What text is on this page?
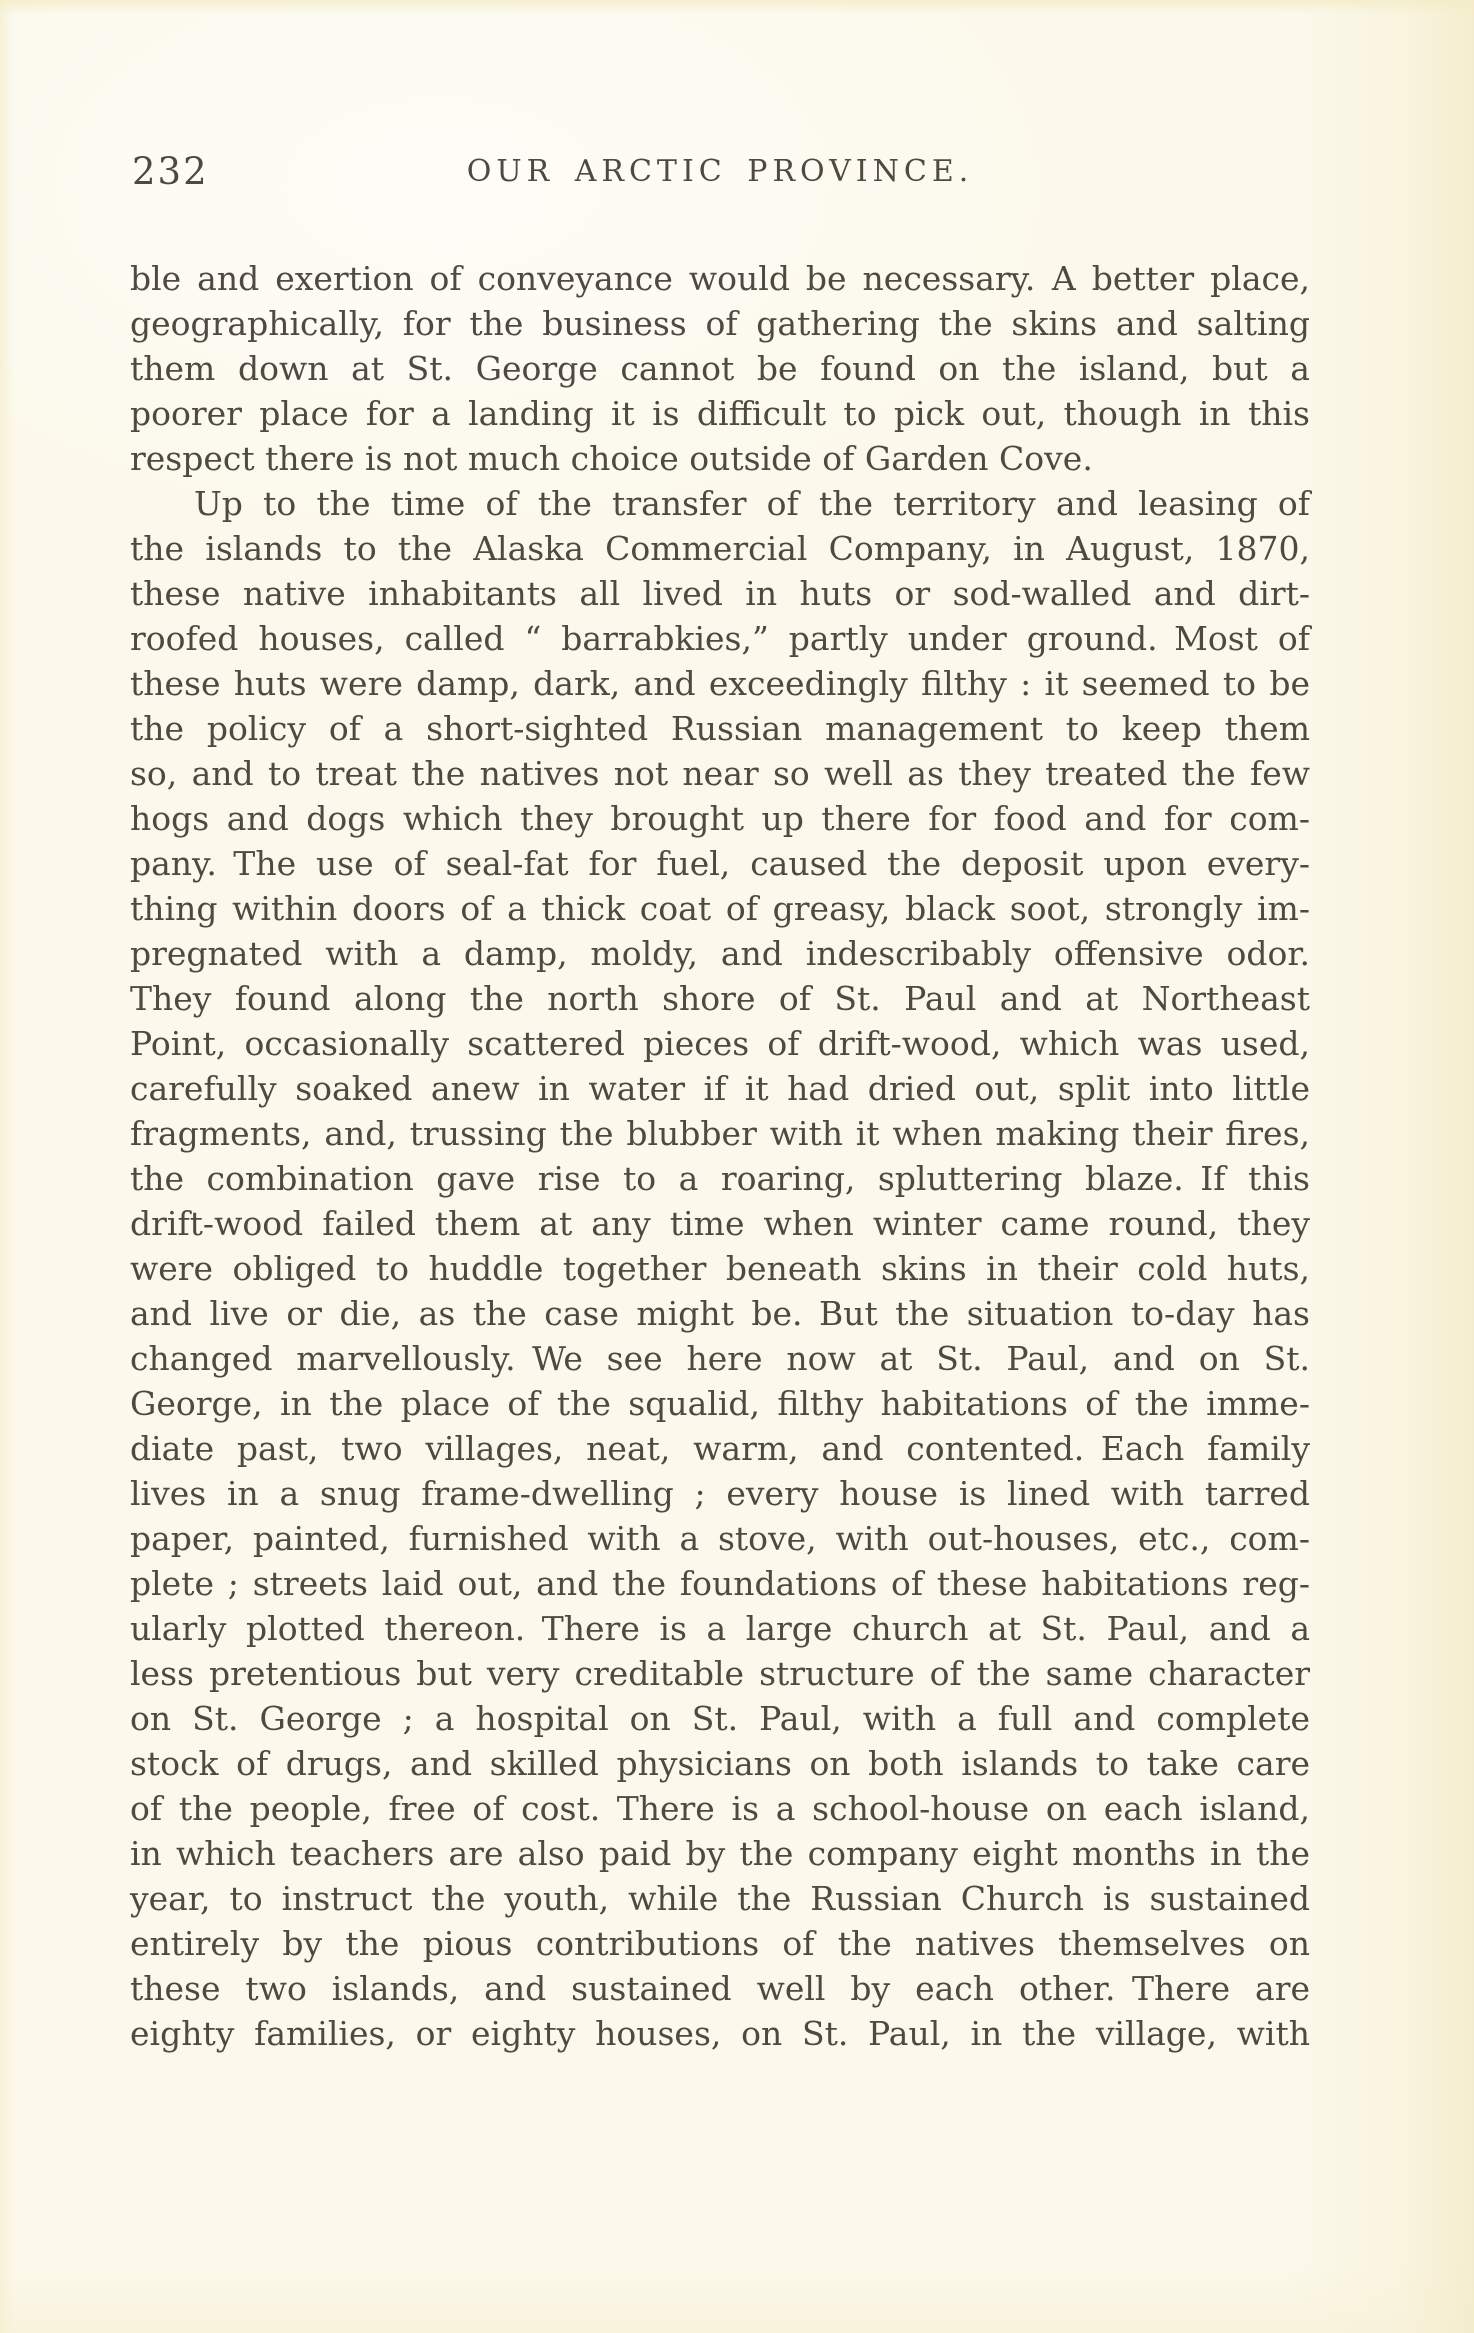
232	OUR ARCTIC PROVINCE.
ble and exertion of conveyance would be necessary. A better place,
geographically, for the business of gathering the skins and salting
them down at St. George cannot be found on the island, but a
poorer place for a landing it is difficult to pick out, though in this
respect there is not much choice outside of Garden Cove.
Up to the time of the transfer of the territory and leasing of
the islands to the Alaska Commercial Company, in August, 1870,
these native inhabitants all lived in huts or sod-walled and dirt-
roofed houses, called “ barrabkies,” partly under ground. Most of
these huts were damp, dark, and exceedingly filthy : it seemed to be
the policy of a short-sighted Russian management to keep them
so, and to treat the natives not near so well as they treated the few
hogs and dogs which they brought up there for food and for com-
pany. The use of seal-fat for fuel, caused the deposit upon every-
thing within doors of a thick coat of greasy, black soot, strongly im-
pregnated with a damp, moldy, and indescribably offensive odor.
They found along the north shore of St. Paul and at Northeast
Point, occasionally scattered pieces of drift-wood, which was used,
carefully soaked anew in water if it had dried out, split into little
fragments, and, trussing the blubber with it when making their fires,
the combination gave rise to a roaring, spluttering blaze. If this
drift-wood failed them at any time when winter came round, they
were obliged to huddle together beneath skins in their cold huts,
and live or die, as the case might be. But the situation to-day has
changed marvellously. We see here now at St. Paul, and on St.
George, in the place of the squalid, filthy habitations of the imme-
diate past, two villages, neat, warm, and contented. Each family
lives in a snug frame-dwelling ; every house is lined with tarred
paper, painted, furnished with a stove, with out-houses, etc., com-
plete ; streets laid out, and the foundations of these habitations reg-
ularly plotted thereon. There is a large church at St. Paul, and a
less pretentious but very creditable structure of the same character
on St. George ; a hospital on St. Paul, with a full and complete
stock of drugs, and skilled physicians on both islands to take care
of the people, free of cost. There is a school-house on each island,
in which teachers are also paid by the company eight months in the
year, to instruct the youth, while the Russian Church is sustained
entirely by the pious contributions of the natives themselves on
these two islands, and sustained well by each other. There are
eighty families, or eighty houses, on St. Paul, in the village, with
